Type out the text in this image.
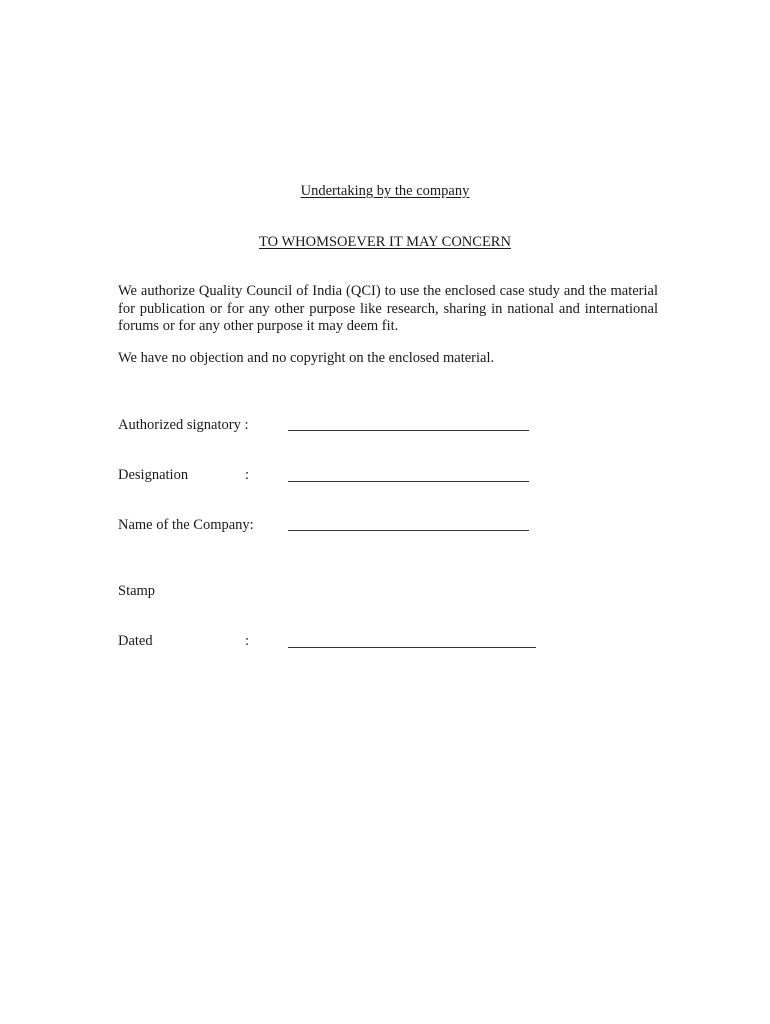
Undertaking by the company
TO WHOMSOEVER IT MAY CONCERN
We authorize Quality Council of India (QCI) to use the enclosed case study and the material for publication or for any other purpose like research, sharing in national and international forums or for any other purpose it may deem fit.
We have no objection and no copyright on the enclosed material.
Authorized signatory :
Designation	:
Name of the Company:
Stamp
Dated	:
